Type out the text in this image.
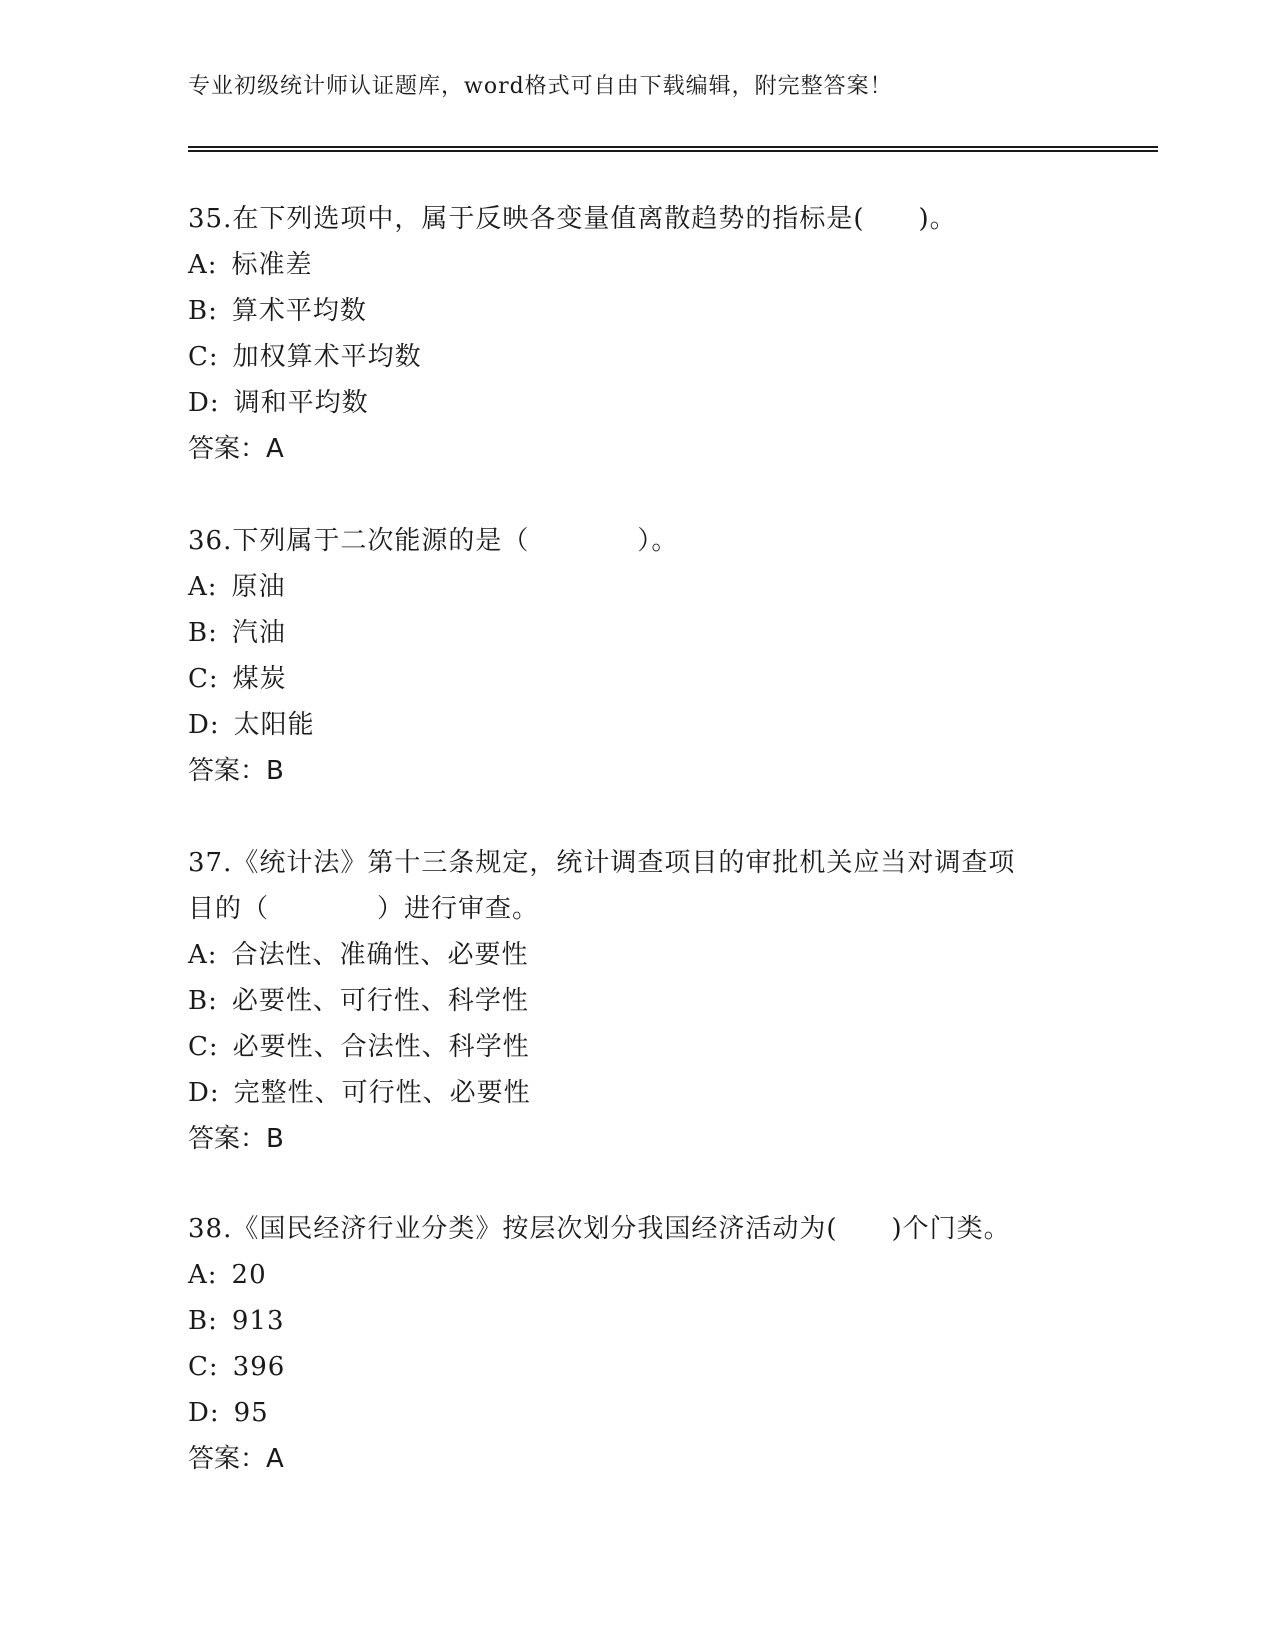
专业初级统计师认证题库，word格式可自由下载编辑，附完整答案！
35.在下列选项中，属于反映各变量值离散趋势的指标是(　　)。
A: 标准差
B: 算术平均数
C: 加权算术平均数
D: 调和平均数
答案：A
36.下列属于二次能源的是（　　　　）。
A: 原油
B: 汽油
C: 煤炭
D: 太阳能
答案：B
37.《统计法》第十三条规定，统计调查项目的审批机关应当对调查项
目的（　　　　）进行审查。
A: 合法性、准确性、必要性
B: 必要性、可行性、科学性
C: 必要性、合法性、科学性
D: 完整性、可行性、必要性
答案：B
38.《国民经济行业分类》按层次划分我国经济活动为(　　)个门类。
A: 20
B: 913
C: 396
D: 95
答案：A
